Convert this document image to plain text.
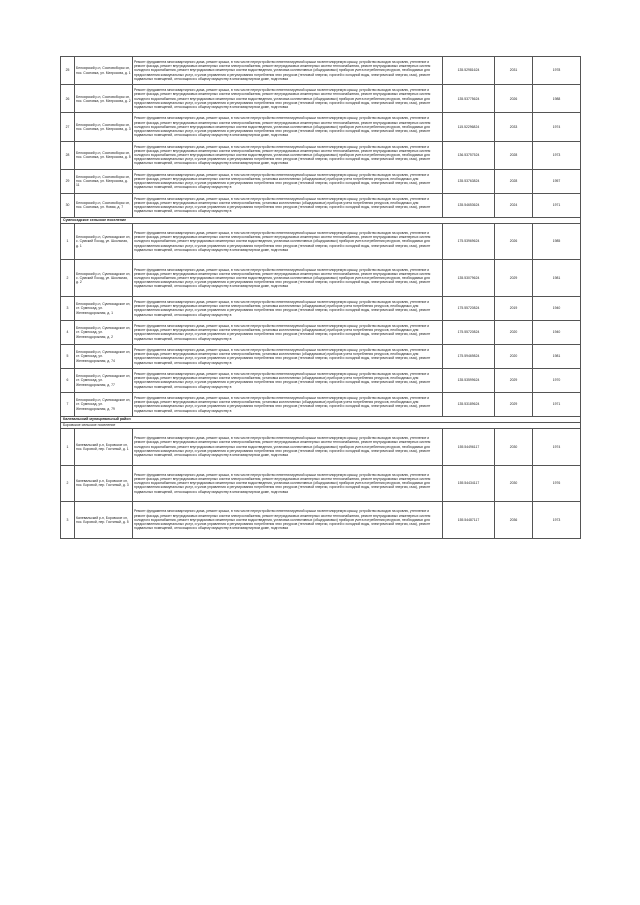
25	Белоярский р-н, Сосновоборск сп, пос. Сосновка, ул. Матросова, д. 1	Ремонт фундамента многоквартирного дома, ремонт крыши, в том числе переустройство невентилируемой крыши на вентилируемую крышу, устройство выходов на кровлю, утепление и ремонт фасада, ремонт внутридомовых инженерных систем электроснабжения, ремонт внутридомовых инженерных систем теплоснабжения, ремонт внутридомовых инженерных систем холодного водоснабжения, ремонт внутридомовых инженерных систем водоотведения, установка коллективных (общедомовых) приборов учета потребления ресурсов, необходимых для предоставления коммунальных услуг, и узлов управления и регулирования потребления этих ресурсов (тепловой энергии, горячей и холодной воды, электрической энергии, газа), ремонт подвальных помещений, относящихся к общему имуществу в многоквартирном доме, подготовка	135.52981624	2031	1978
26	Белоярский р-н, Сосновоборск сп, пос. Сосновка, ул. Матросова, д. 2	Ремонт фундамента многоквартирного дома, ремонт крыши, в том числе переустройство невентилируемой крыши на вентилируемую крышу, устройство выходов на кровлю, утепление и ремонт фасада, ремонт внутридомовых инженерных систем электроснабжения, ремонт внутридомовых инженерных систем теплоснабжения, ремонт внутридомовых инженерных систем холодного водоснабжения, ремонт внутридомовых инженерных систем водоотведения, установка коллективных (общедомовых) приборов учета потребления ресурсов, необходимых для предоставления коммунальных услуг, и узлов управления и регулирования потребления этих ресурсов (тепловой энергии, горячей и холодной воды, электрической энергии, газа), ремонт подвальных помещений, относящихся к общему имуществу в многоквартирном доме, подготовка	135.53775624	2026	1988
27	Белоярский р-н, Сосновоборск сп, пос. Сосновка, ул. Матросова, д. 3	Ремонт фундамента многоквартирного дома, ремонт крыши, в том числе переустройство невентилируемой крыши на вентилируемую крышу, устройство выходов на кровлю, утепление и ремонт фасада, ремонт внутридомовых инженерных систем электроснабжения, ремонт внутридомовых инженерных систем теплоснабжения, ремонт внутридомовых инженерных систем холодного водоснабжения, ремонт внутридомовых инженерных систем водоотведения, установка коллективных (общедомовых) приборов учета потребления ресурсов, необходимых для предоставления коммунальных услуг, и узлов управления и регулирования потребления этих ресурсов (тепловой энергии, горячей и холодной воды, электрической энергии, газа), ремонт подвальных помещений, относящихся к общему имуществу в многоквартирном доме, подготовка	115.52296824	2033	1974
28	Белоярский р-н, Сосновоборск сп, пос. Сосновка, ул. Матросова, д. 5	Ремонт фундамента многоквартирного дома, ремонт крыши, в том числе переустройство невентилируемой крыши на вентилируемую крышу, устройство выходов на кровлю, утепление и ремонт фасада, ремонт внутридомовых инженерных систем электроснабжения, ремонт внутридомовых инженерных систем теплоснабжения, ремонт внутридомовых инженерных систем холодного водоснабжения, ремонт внутридомовых инженерных систем водоотведения, установка коллективных (общедомовых) приборов учета потребления ресурсов, необходимых для предоставления коммунальных услуг, и узлов управления и регулирования потребления этих ресурсов (тепловой энергии, горячей и холодной воды, электрической энергии, газа), ремонт подвальных помещений, относящихся к общему имуществу в многоквартирном доме, подготовка	136.53757524	2028	1973
29	Белоярский р-н, Сосновоборск сп, пос. Сосновка, ул. Матросова, д. 11	Ремонт фундамента многоквартирного дома, ремонт крыши, в том числе переустройство невентилируемой крыши на вентилируемую крышу, устройство выходов на кровлю, утепление и ремонт фасада, ремонт внутридомовых инженерных систем электроснабжения, установка коллективных (общедомовых) приборов учета потребления ресурсов, необходимых для предоставления коммунальных услуг, и узлов управления и регулирования потребления этих ресурсов (тепловой энергии, горячей и холодной воды, электрической энергии, газа), ремонт подвальных помещений, относящихся к общему имуществу в	135.53763824	2028	1957
30	Белоярский р-н, Сосновоборск сп, пос. Сосновка, ул. Новая, д. 7	Ремонт фундамента многоквартирного дома, ремонт крыши, в том числе переустройство невентилируемой крыши на вентилируемую крышу, устройство выходов на кровлю, утепление и ремонт фасада, ремонт внутридомовых инженерных систем электроснабжения, установка коллективных (общедомовых) приборов учета потребления ресурсов, необходимых для предоставления коммунальных услуг, и узлов управления и регулирования потребления этих ресурсов (тепловой энергии, горячей и холодной воды, электрической энергии, газа), ремонт подвальных помещений, относящихся к общему имуществу в	135.54653624	2024	1971
Сумпосадское сельское поселение					
1	Белоярский р-н, Сумпосадское сп, с. Сумский Посад, ул. Школьная, д. 1	Ремонт фундамента многоквартирного дома, ремонт крыши, в том числе переустройство невентилируемой крыши на вентилируемую крышу, устройство выходов на кровлю, утепление и ремонт фасада, ремонт внутридомовых инженерных систем электроснабжения, ремонт внутридомовых инженерных систем теплоснабжения, ремонт внутридомовых инженерных систем холодного водоснабжения, ремонт внутридомовых инженерных систем водоотведения, установка коллективных (общедомовых) приборов учета потребления ресурсов, необходимых для предоставления коммунальных услуг, и узлов управления и регулирования потребления этих ресурсов (тепловой энергии, горячей и холодной воды, электрической энергии, газа), ремонт подвальных помещений, относящихся к общему имуществу в многоквартирном доме, подготовка	175.53969624	2026	1985
2	Белоярский р-н, Сумпосадское сп, с. Сумский Посад, ул. Школьная, д. 2	Ремонт фундамента многоквартирного дома, ремонт крыши, в том числе переустройство невентилируемой крыши на вентилируемую крышу, устройство выходов на кровлю, утепление и ремонт фасада, ремонт внутридомовых инженерных систем электроснабжения, ремонт внутридомовых инженерных систем теплоснабжения, ремонт внутридомовых инженерных систем холодного водоснабжения, ремонт внутридомовых инженерных систем водоотведения, установка коллективных (общедомовых) приборов учета потребления ресурсов, необходимых для предоставления коммунальных услуг, и узлов управления и регулирования потребления этих ресурсов (тепловой энергии, горячей и холодной воды, электрической энергии, газа), ремонт подвальных помещений, относящихся к общему имуществу в многоквартирном доме, подготовка	135.53079624	2029	1981
3	Белоярский р-н, Сумпосадское сп, ст. Сумпосад, ул. Железнодорожная, д. 1	Ремонт фундамента многоквартирного дома, ремонт крыши, в том числе переустройство невентилируемой крыши на вентилируемую крышу, устройство выходов на кровлю, утепление и ремонт фасада, ремонт внутридомовых инженерных систем электроснабжения, установка коллективных (общедомовых) приборов учета потребления ресурсов, необходимых для предоставления коммунальных услуг, и узлов управления и регулирования потребления этих ресурсов (тепловой энергии, горячей и холодной воды, электрической энергии, газа), ремонт подвальных помещений, относящихся к общему имуществу в	175.55720824	2019	1940
4	Белоярский р-н, Сумпосадское сп, ст. Сумпосад, ул. Железнодорожная, д. 2	Ремонт фундамента многоквартирного дома, ремонт крыши, в том числе переустройство невентилируемой крыши на вентилируемую крышу, устройство выходов на кровлю, утепление и ремонт фасада, ремонт внутридомовых инженерных систем электроснабжения, установка коллективных (общедомовых) приборов учета потребления ресурсов, необходимых для предоставления коммунальных услуг, и узлов управления и регулирования потребления этих ресурсов (тепловой энергии, горячей и холодной воды, электрической энергии, газа), ремонт подвальных помещений, относящихся к общему имуществу в	175.55720824	2020	1940
5	Белоярский р-н, Сумпосадское сп, ст. Сумпосад, ул. Железнодорожная, д. 74	Ремонт фундамента многоквартирного дома, ремонт крыши, в том числе переустройство невентилируемой крыши на вентилируемую крышу, устройство выходов на кровлю, утепление и ремонт фасада, ремонт внутридомовых инженерных систем электроснабжения, установка коллективных (общедомовых) приборов учета потребления ресурсов, необходимых для предоставления коммунальных услуг, и узлов управления и регулирования потребления этих ресурсов (тепловой энергии, горячей и холодной воды, электрической энергии, газа), ремонт подвальных помещений, относящихся к общему имуществу в	175.59469824	2020	1981
6	Белоярский р-н, Сумпосадское сп, ст. Сумпосад, ул. Железнодорожная, д. 77	Ремонт фундамента многоквартирного дома, ремонт крыши, в том числе переустройство невентилируемой крыши на вентилируемую крышу, устройство выходов на кровлю, утепление и ремонт фасада, ремонт внутридомовых инженерных систем электроснабжения, установка коллективных (общедомовых) приборов учета потребления ресурсов, необходимых для предоставления коммунальных услуг, и узлов управления и регулирования потребления этих ресурсов (тепловой энергии, горячей и холодной воды, электрической энергии, газа), ремонт подвальных помещений, относящихся к общему имуществу в	135.53599624	2029	1970
7	Белоярский р-н, Сумпосадское сп, ст. Сумпосад, ул. Железнодорожная, д. 79	Ремонт фундамента многоквартирного дома, ремонт крыши, в том числе переустройство невентилируемой крыши на вентилируемую крышу, устройство выходов на кровлю, утепление и ремонт фасада, ремонт внутридомовых инженерных систем электроснабжения, установка коллективных (общедомовых) приборов учета потребления ресурсов, необходимых для предоставления коммунальных услуг, и узлов управления и регулирования потребления этих ресурсов (тепловой энергии, горячей и холодной воды, электрической энергии, газа), ремонт подвальных помещений, относящихся к общему имуществу в	135.53189624	2029	1971
Калевальский муниципальный район					
Боровское сельское поселение					
1	Калевальский р-н, Боровское сп, пос. Боровой, пер. Гостиный, д. 1	Ремонт фундамента многоквартирного дома, ремонт крыши, в том числе переустройство невентилируемой крыши на вентилируемую крышу, устройство выходов на кровлю, утепление и ремонт фасада, ремонт внутридомовых инженерных систем электроснабжения, ремонт внутридомовых инженерных систем теплоснабжения, ремонт внутридомовых инженерных систем холодного водоснабжения, ремонт внутридомовых инженерных систем водоотведения, установка коллективных (общедомовых) приборов учета потребления ресурсов, необходимых для предоставления коммунальных услуг, и узлов управления и регулирования потребления этих ресурсов (тепловой энергии, горячей и холодной воды, электрической энергии, газа), ремонт подвальных помещений, относящихся к общему имуществу в многоквартирном доме, подготовка	155.54496117	2030	1974
2	Калевальский р-н, Боровское сп, пос. Боровой, пер. Гостиный, д. 3	Ремонт фундамента многоквартирного дома, ремонт крыши, в том числе переустройство невентилируемой крыши на вентилируемую крышу, устройство выходов на кровлю, утепление и ремонт фасада, ремонт внутридомовых инженерных систем электроснабжения, ремонт внутридомовых инженерных систем теплоснабжения, ремонт внутридомовых инженерных систем холодного водоснабжения, ремонт внутридомовых инженерных систем водоотведения, установка коллективных (общедомовых) приборов учета потребления ресурсов, необходимых для предоставления коммунальных услуг, и узлов управления и регулирования потребления этих ресурсов (тепловой энергии, горячей и холодной воды, электрической энергии, газа), ремонт подвальных помещений, относящихся к общему имуществу в многоквартирном доме, подготовка	155.54434117	2030	1976
3	Калевальский р-н, Боровское сп, пос. Боровой, пер. Гостиный, д. 5	Ремонт фундамента многоквартирного дома, ремонт крыши, в том числе переустройство невентилируемой крыши на вентилируемую крышу, устройство выходов на кровлю, утепление и ремонт фасада, ремонт внутридомовых инженерных систем электроснабжения, ремонт внутридомовых инженерных систем теплоснабжения, ремонт внутридомовых инженерных систем холодного водоснабжения, ремонт внутридомовых инженерных систем водоотведения, установка коллективных (общедомовых) приборов учета потребления ресурсов, необходимых для предоставления коммунальных услуг, и узлов управления и регулирования потребления этих ресурсов (тепловой энергии, горячей и холодной воды, электрической энергии, газа), ремонт подвальных помещений, относящихся к общему имуществу в многоквартирном доме, подготовка	155.54487117	2036	1973
